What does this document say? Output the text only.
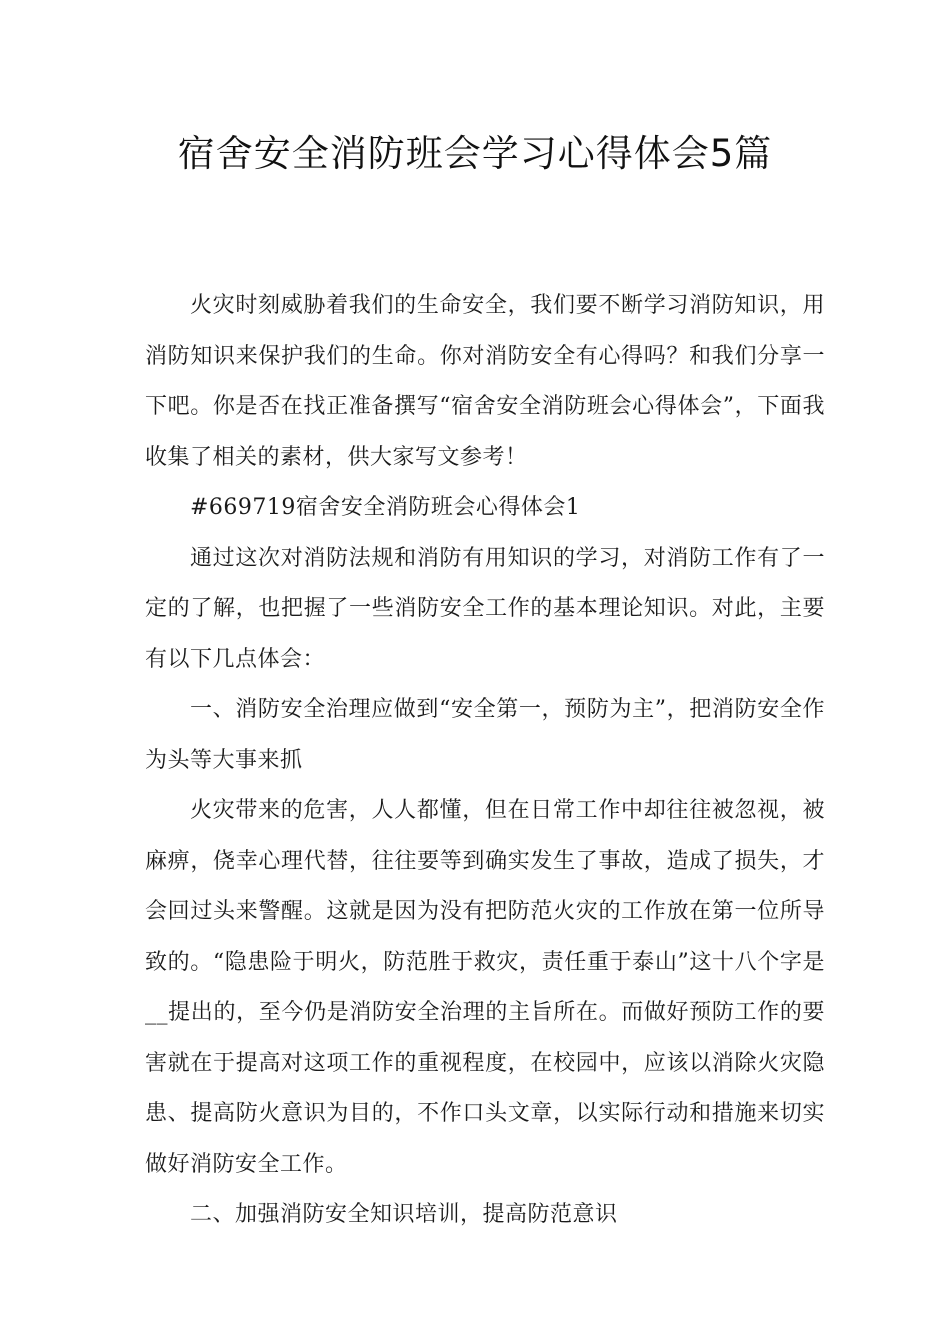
宿舍安全消防班会学习心得体会5篇

火灾时刻威胁着我们的生命安全，我们要不断学习消防知识，用消防知识来保护我们的生命。你对消防安全有心得吗？和我们分享一下吧。你是否在找正准备撰写“宿舍安全消防班会心得体会”，下面我收集了相关的素材，供大家写文参考！

#669719宿舍安全消防班会心得体会1

通过这次对消防法规和消防有用知识的学习，对消防工作有了一定的了解，也把握了一些消防安全工作的基本理论知识。对此，主要有以下几点体会：

一、消防安全治理应做到“安全第一，预防为主”，把消防安全作为头等大事来抓

火灾带来的危害，人人都懂，但在日常工作中却往往被忽视，被麻痹，侥幸心理代替，往往要等到确实发生了事故，造成了损失，才会回过头来警醒。这就是因为没有把防范火灾的工作放在第一位所导致的。“隐患险于明火，防范胜于救灾，责任重于泰山”这十八个字是__提出的，至今仍是消防安全治理的主旨所在。而做好预防工作的要害就在于提高对这项工作的重视程度，在校园中，应该以消除火灾隐患、提高防火意识为目的，不作口头文章，以实际行动和措施来切实做好消防安全工作。

二、加强消防安全知识培训，提高防范意识
